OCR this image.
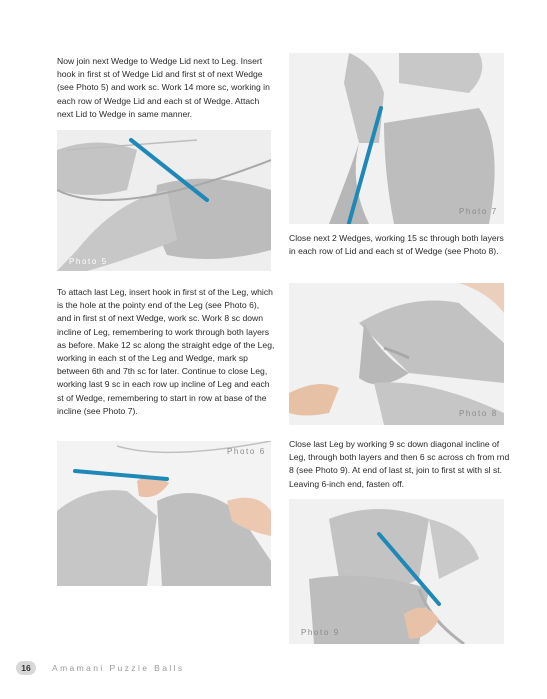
Now join next Wedge to Wedge Lid next to Leg. Insert hook in first st of Wedge Lid and first st of next Wedge (see Photo 5) and work sc. Work 14 more sc, working in each row of Wedge Lid and each st of Wedge. Attach next Lid to Wedge in same manner.

Photo 5

To attach last Leg, insert hook in first st of the Leg, which is the hole at the pointy end of the Leg (see Photo 6), and in first st of next Wedge, work sc. Work 8 sc down incline of Leg, remembering to work through both layers as before. Make 12 sc along the straight edge of the Leg, working in each st of the Leg and Wedge, mark sp between 6th and 7th sc for later. Continue to close Leg, working last 9 sc in each row up incline of Leg and each st of Wedge, remembering to start in row at base of the incline (see Photo 7).

Photo 6
Photo 7

Close next 2 Wedges, working 15 sc through both layers in each row of Lid and each st of Wedge (see Photo 8).

Photo 8

Close last Leg by working 9 sc down diagonal incline of Leg, through both layers and then 6 sc across ch from rnd 8 (see Photo 9). At end of last st, join to first st with sl st. Leaving 6-inch end, fasten off.

Photo 9
16	Amamani Puzzle Balls
